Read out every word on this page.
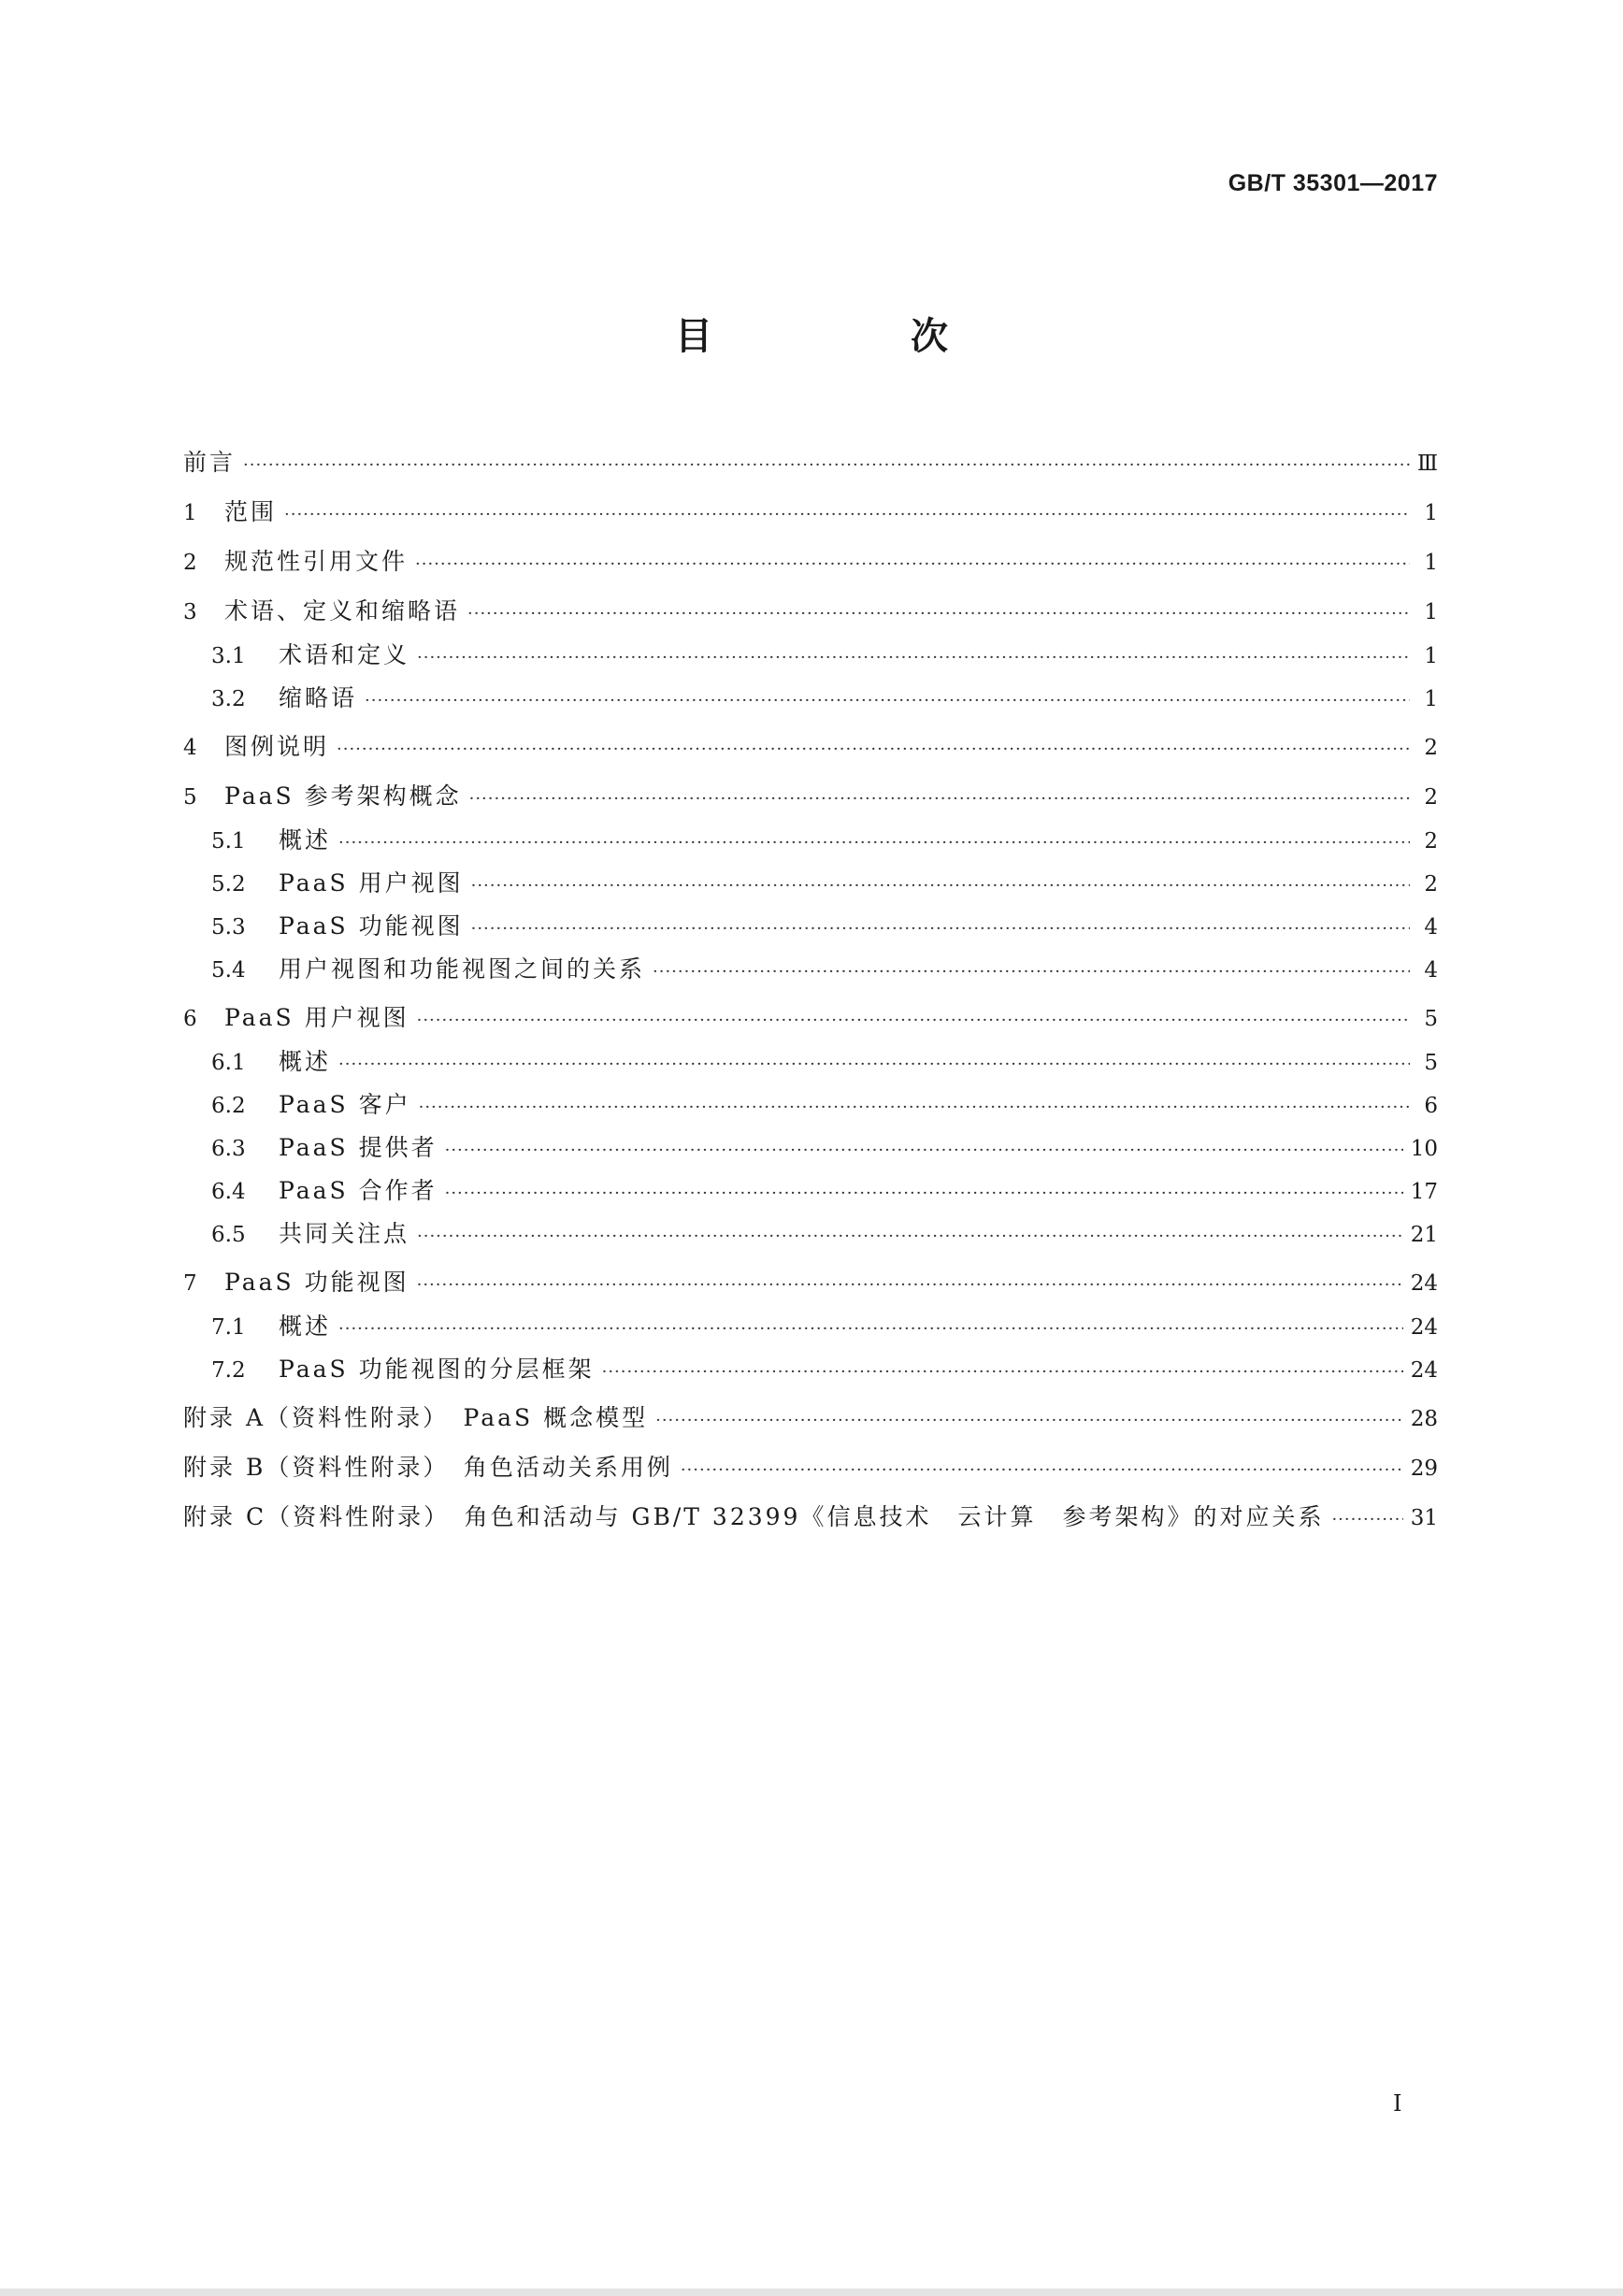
GB/T 35301—2017
目　次
前言 ·····	Ⅲ
1	范围 ·····	1
2	规范性引用文件 ·····	1
3	术语、定义和缩略语 ·····	1
3.1	术语和定义 ·····	1
3.2	缩略语 ·····	1
4	图例说明 ·····	2
5	PaaS 参考架构概念 ·····	2
5.1	概述 ·····	2
5.2	PaaS 用户视图 ·····	2
5.3	PaaS 功能视图 ·····	4
5.4	用户视图和功能视图之间的关系 ·····	4
6	PaaS 用户视图 ·····	5
6.1	概述 ·····	5
6.2	PaaS 客户 ·····	6
6.3	PaaS 提供者 ·····	10
6.4	PaaS 合作者 ·····	17
6.5	共同关注点 ·····	21
7	PaaS 功能视图 ·····	24
7.1	概述 ·····	24
7.2	PaaS 功能视图的分层框架 ·····	24
附录 A（资料性附录）　PaaS 概念模型 ·····	28
附录 B（资料性附录）　角色活动关系用例 ·····	29
附录 C（资料性附录）　角色和活动与 GB/T 32399《信息技术　云计算　参考架构》的对应关系 ·····	31
I
